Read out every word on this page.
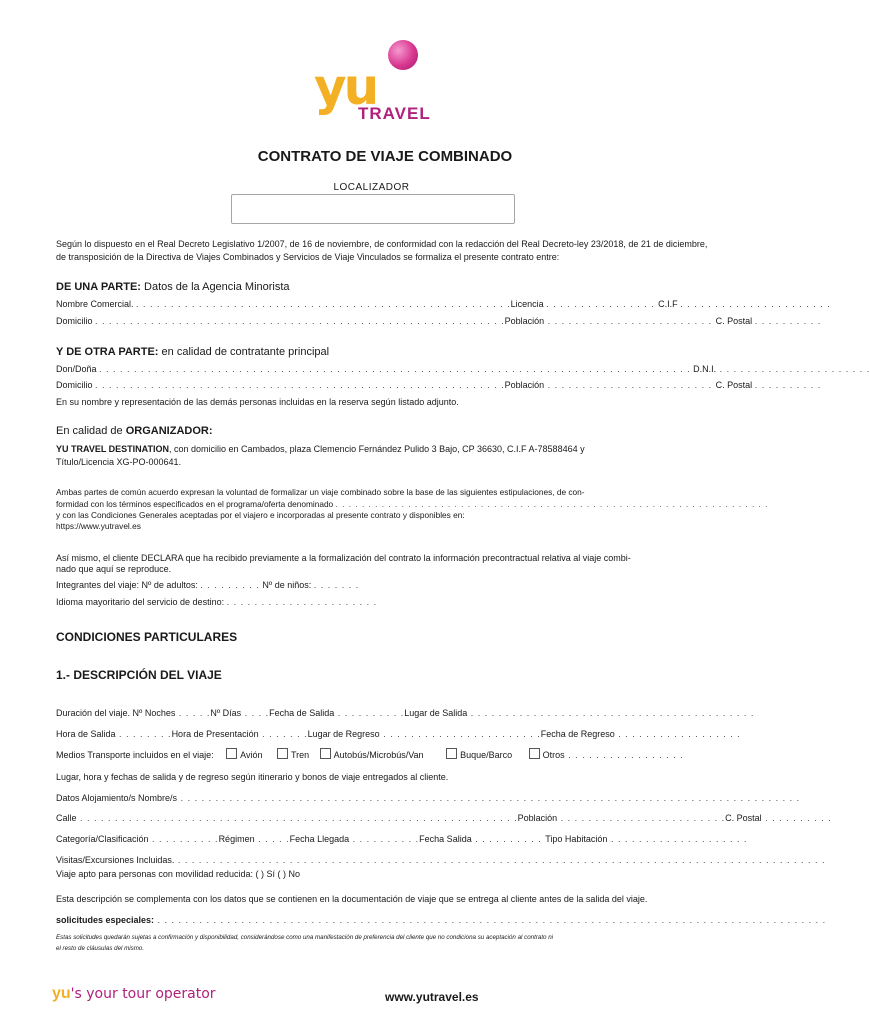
yu
TRAVEL
CONTRATO DE VIAJE COMBINADO
LOCALIZADOR
Según lo dispuesto en el Real Decreto Legislativo 1/2007, de 16 de noviembre, de conformidad con la redacción del Real Decreto-ley 23/2018, de 21 de diciembre, de transposición de la Directiva de Viajes Combinados y Servicios de Viaje Vinculados se formaliza el presente contrato entre:
DE UNA PARTE: Datos de la Agencia Minorista
Nombre Comercial. . . . . . . . . . . . . . . . . . . . . . . . . . . . . . . . . . . . . . . . . . . . . . . . . . . . . . .Licencia . . . . . . . . . . . . . . . . C.I.F . . . . . . . . . . . . . . . . . . . . . .
Domicilio . . . . . . . . . . . . . . . . . . . . . . . . . . . . . . . . . . . . . . . . . . . . . . . . . . . . . . . . . . .Población . . . . . . . . . . . . . . . . . . . . . . . . C. Postal . . . . . . . . . .
Y DE OTRA PARTE: en calidad de contratante principal
Don/Doña . . . . . . . . . . . . . . . . . . . . . . . . . . . . . . . . . . . . . . . . . . . . . . . . . . . . . . . . . . . . . . . . . . . . . . . . . . . . . . . . . . . . . D.N.I. . . . . . . . . . . . . . . . . . . . . . .
Domicilio . . . . . . . . . . . . . . . . . . . . . . . . . . . . . . . . . . . . . . . . . . . . . . . . . . . . . . . . . . .Población . . . . . . . . . . . . . . . . . . . . . . . . C. Postal . . . . . . . . . .
En su nombre y representación de las demás personas incluidas en la reserva según listado adjunto.
En calidad de ORGANIZADOR:
YU TRAVEL DESTINATION, con domicilio en Cambados, plaza Clemencio Fernández Pulido 3 Bajo, CP 36630, C.I.F A-78588464 y
Título/Licencia XG-PO-000641.
Ambas partes de común acuerdo expresan la voluntad de formalizar un viaje combinado sobre la base de las siguientes estipulaciones, de con-
formidad con los términos especificados en el programa/oferta denominado . . . . . . . . . . . . . . . . . . . . . . . . . . . . . . . . . . . . . . . . . . . . . . . . . . . . . . . . . . . . . . . . . .
y con las Condiciones Generales aceptadas por el viajero e incorporadas al presente contrato y disponibles en:
https://www.yutravel.es
Así mismo, el cliente DECLARA que ha recibido previamente a la formalización del contrato la información precontractual relativa al viaje combi-
nado que aquí se reproduce.
Integrantes del viaje: Nº de adultos: . . . . . . . . . Nº de niños: . . . . . . .
Idioma mayoritario del servicio de destino: . . . . . . . . . . . . . . . . . . . . . .
CONDICIONES PARTICULARES
1.- DESCRIPCIÓN DEL VIAJE
Duración del viaje. Nº Noches . . . . .Nº Días . . . .Fecha de Salida . . . . . . . . . .Lugar de Salida . . . . . . . . . . . . . . . . . . . . . . . . . . . . . . . . . . . . . . . . .
Hora de Salida . . . . . . . .Hora de Presentación . . . . . . .Lugar de Regreso . . . . . . . . . . . . . . . . . . . . . . .Fecha de Regreso . . . . . . . . . . . . . . . . . .
Medios Transporte incluidos en el viaje:	Avión	Tren	Autobús/Microbús/Van	Buque/Barco	Otros . . . . . . . . . . . . . . . . .
Lugar, hora y fechas de salida y de regreso según itinerario y bonos de viaje entregados al cliente.
Datos Alojamiento/s Nombre/s . . . . . . . . . . . . . . . . . . . . . . . . . . . . . . . . . . . . . . . . . . . . . . . . . . . . . . . . . . . . . . . . . . . . . . . . . . . . . . . . . . . . . . . . .
Calle . . . . . . . . . . . . . . . . . . . . . . . . . . . . . . . . . . . . . . . . . . . . . . . . . . . . . . . . . . . . . . .Población . . . . . . . . . . . . . . . . . . . . . . . .C. Postal . . . . . . . . . .
Categoría/Clasificación . . . . . . . . . .Régimen . . . . .Fecha Llegada . . . . . . . . . .Fecha Salida . . . . . . . . . . Tipo Habitación . . . . . . . . . . . . . . . . . . . .
Visitas/Excursiones Incluidas. . . . . . . . . . . . . . . . . . . . . . . . . . . . . . . . . . . . . . . . . . . . . . . . . . . . . . . . . . . . . . . . . . . . . . . . . . . . . . . . . . . . . . . . . . . . . .
Viaje apto para personas con movilidad reducida: ( ) Sí ( ) No
Esta descripción se complementa con los datos que se contienen en la documentación de viaje que se entrega al cliente antes de la salida del viaje.
solicitudes especiales: . . . . . . . . . . . . . . . . . . . . . . . . . . . . . . . . . . . . . . . . . . . . . . . . . . . . . . . . . . . . . . . . . . . . . . . . . . . . . . . . . . . . . . . . . . . . . . . .
Estas solicitudes quedarán sujetas a confirmación y disponibilidad, considerándose como una manifestación de preferencia del cliente que no condiciona su aceptación al contrato ni
el resto de cláusulas del mismo.
yu's your tour operator	www.yutravel.es
